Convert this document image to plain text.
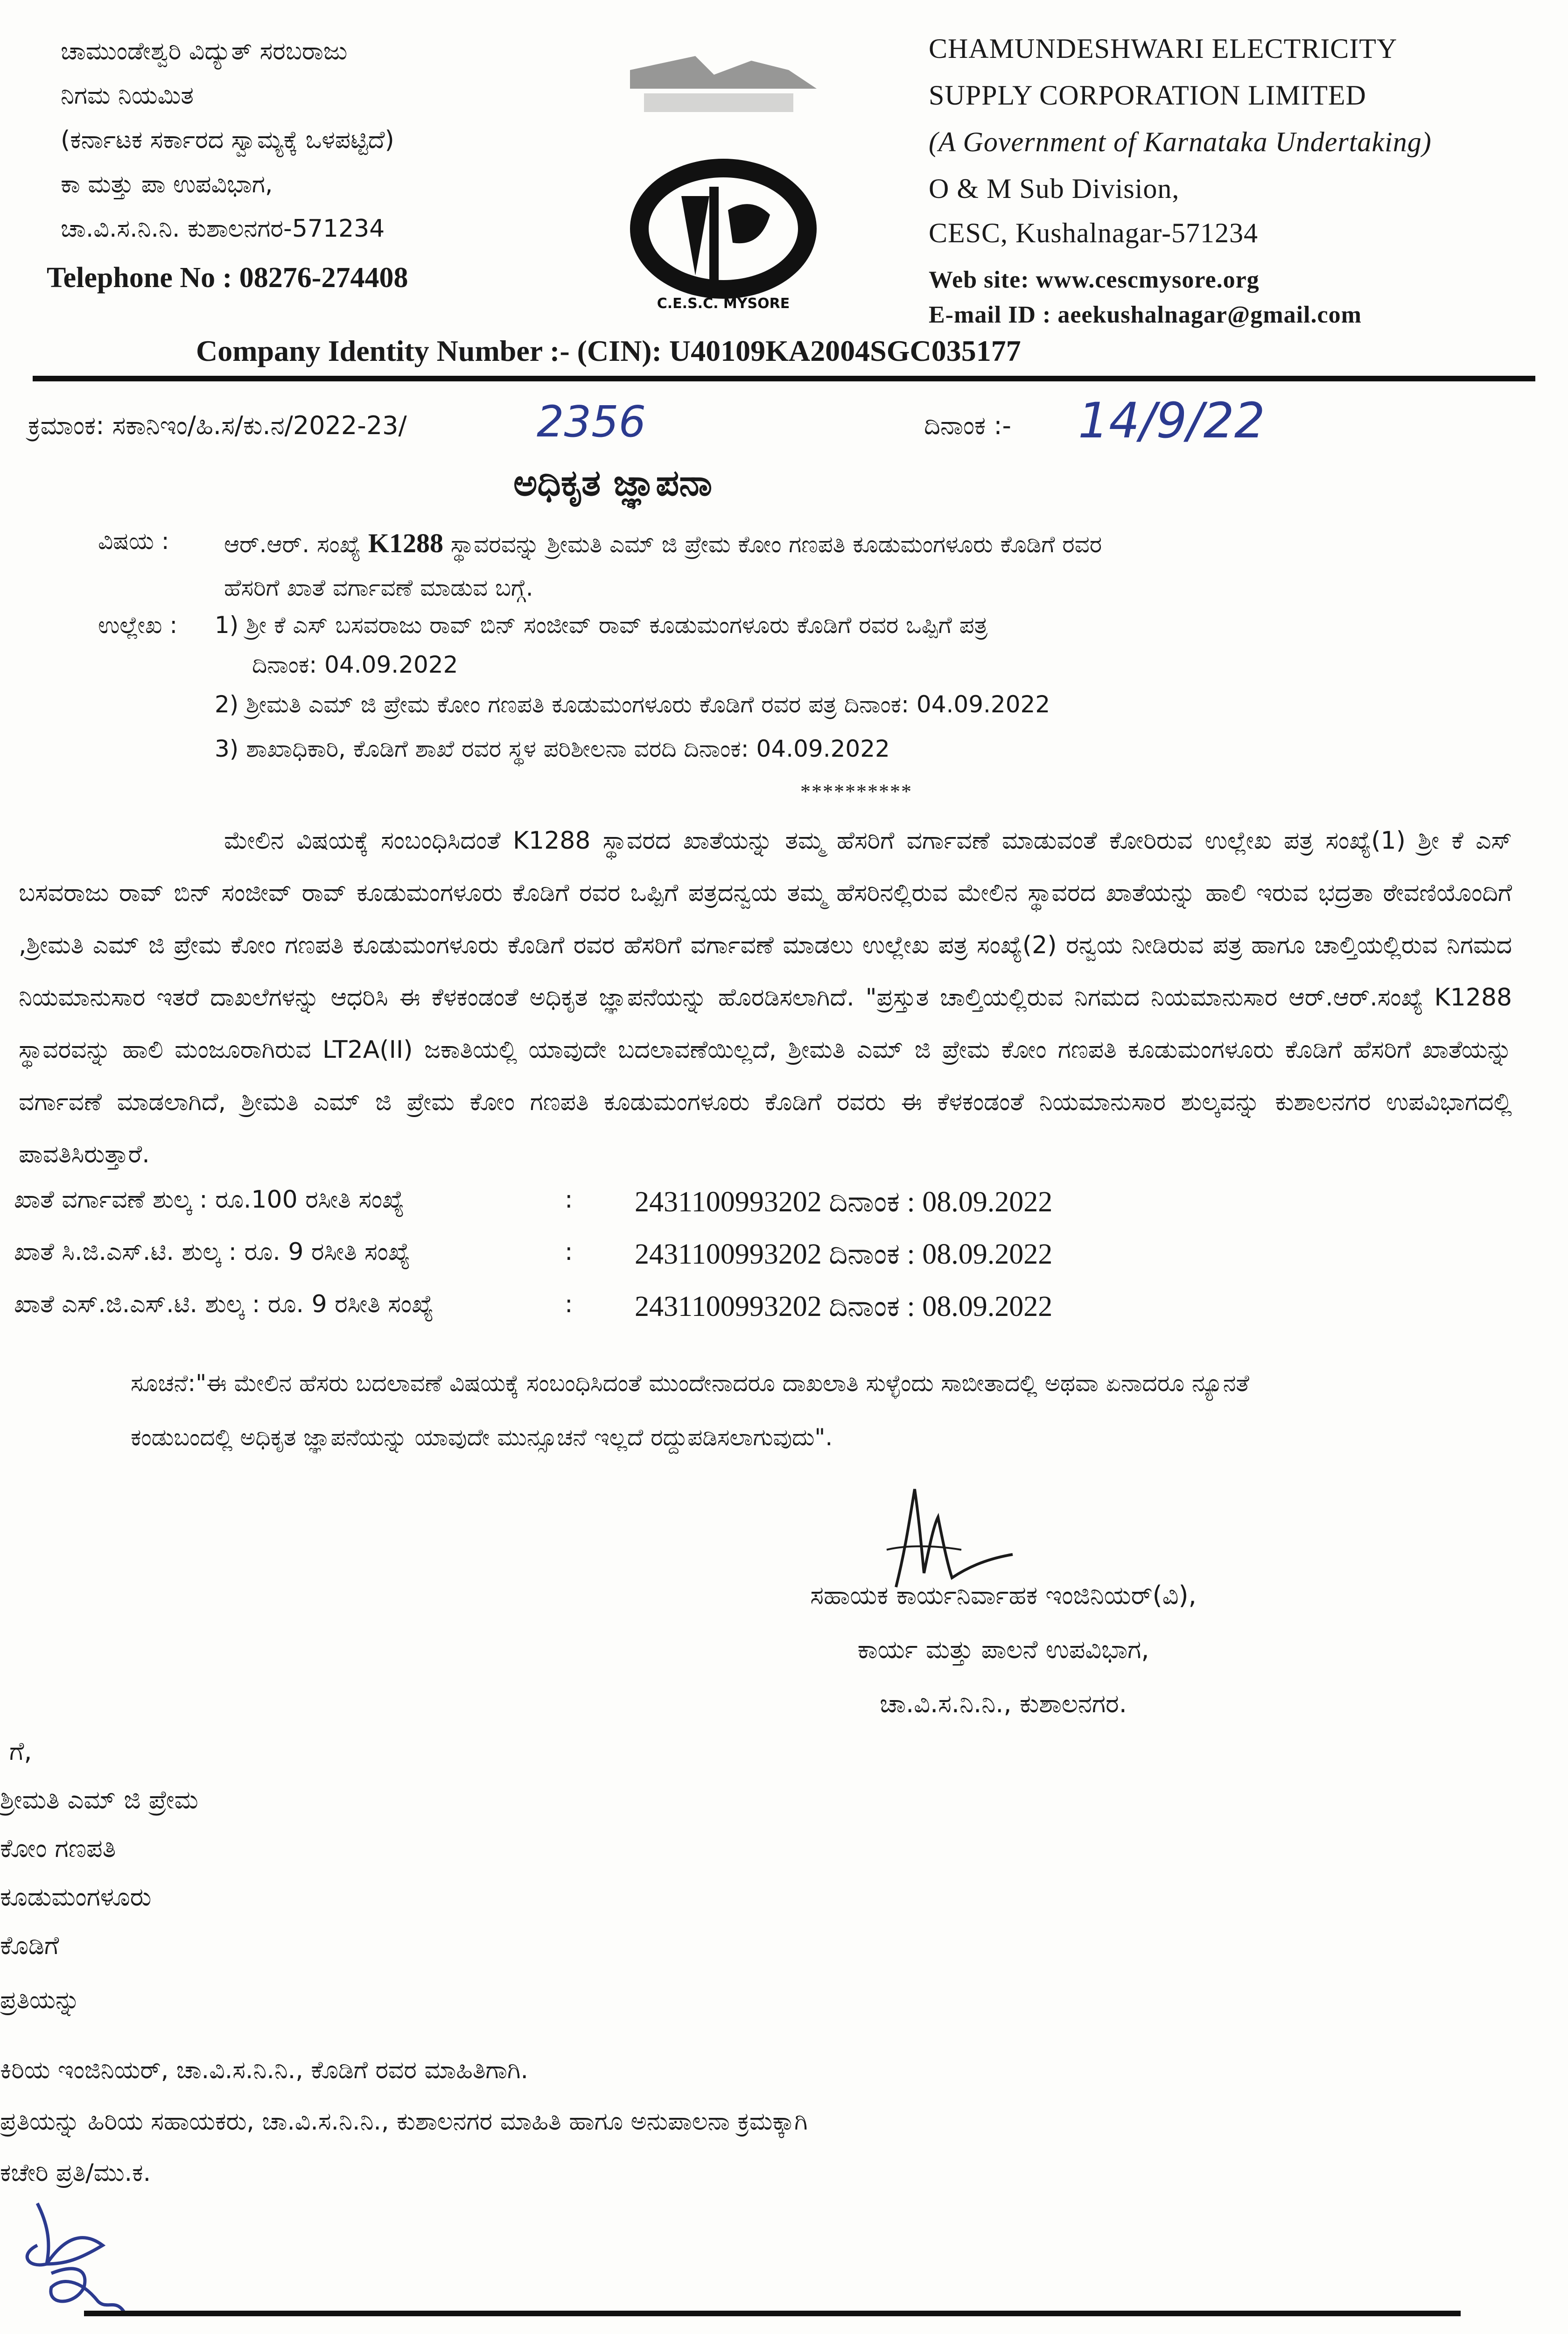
ಚಾಮುಂಡೇಶ್ವರಿ ವಿದ್ಯುತ್ ಸರಬರಾಜು
ನಿಗಮ ನಿಯಮಿತ
(ಕರ್ನಾಟಕ ಸರ್ಕಾರದ ಸ್ವಾಮ್ಯಕ್ಕೆ ಒಳಪಟ್ಟಿದೆ)
ಕಾ ಮತ್ತು ಪಾ ಉಪವಿಭಾಗ,
ಚಾ.ವಿ.ಸ.ನಿ.ನಿ. ಕುಶಾಲನಗರ-571234
Telephone No : 08276-274408
C.E.S.C. MYSORE
CHAMUNDESHWARI ELECTRICITY
SUPPLY CORPORATION LIMITED
(A Government of Karnataka Undertaking)
O & M Sub Division,
CESC, Kushalnagar-571234
Web site: www.cescmysore.org
E-mail ID : aeekushalnagar@gmail.com
Company Identity Number :- (CIN): U40109KA2004SGC035177
ಕ್ರಮಾಂಕ: ಸಕಾನಿಇಂ/ಹಿ.ಸ/ಕು.ನ/2022-23/	2356	ದಿನಾಂಕ :- 14/9/22
ಅಧಿಕೃತ ಜ್ಞಾಪನಾ
ವಿಷಯ : ಆರ್.ಆರ್. ಸಂಖ್ಯೆ K1288 ಸ್ಥಾವರವನ್ನು ಶ್ರೀಮತಿ ಎಮ್ ಜಿ ಪ್ರೇಮ ಕೋಂ ಗಣಪತಿ ಕೂಡುಮಂಗಳೂರು ಕೊಡಿಗೆ ರವರ
ಹೆಸರಿಗೆ ಖಾತೆ ವರ್ಗಾವಣೆ ಮಾಡುವ ಬಗ್ಗೆ.
ಉಲ್ಲೇಖ : 1) ಶ್ರೀ ಕೆ ಎಸ್ ಬಸವರಾಜು ರಾವ್ ಬಿನ್ ಸಂಜೀವ್ ರಾವ್ ಕೂಡುಮಂಗಳೂರು ಕೊಡಿಗೆ ರವರ ಒಪ್ಪಿಗೆ ಪತ್ರ
ದಿನಾಂಕ: 04.09.2022
2) ಶ್ರೀಮತಿ ಎಮ್ ಜಿ ಪ್ರೇಮ ಕೋಂ ಗಣಪತಿ ಕೂಡುಮಂಗಳೂರು ಕೊಡಿಗೆ ರವರ ಪತ್ರ ದಿನಾಂಕ: 04.09.2022
3) ಶಾಖಾಧಿಕಾರಿ, ಕೊಡಿಗೆ ಶಾಖೆ ರವರ ಸ್ಥಳ ಪರಿಶೀಲನಾ ವರದಿ ದಿನಾಂಕ: 04.09.2022
**********
ಮೇಲಿನ ವಿಷಯಕ್ಕೆ ಸಂಬಂಧಿಸಿದಂತೆ K1288 ಸ್ಥಾವರದ ಖಾತೆಯನ್ನು ತಮ್ಮ ಹೆಸರಿಗೆ ವರ್ಗಾವಣೆ ಮಾಡುವಂತೆ ಕೋರಿರುವ ಉಲ್ಲೇಖ ಪತ್ರ ಸಂಖ್ಯೆ(1) ಶ್ರೀ ಕೆ ಎಸ್ ಬಸವರಾಜು ರಾವ್ ಬಿನ್ ಸಂಜೀವ್ ರಾವ್ ಕೂಡುಮಂಗಳೂರು ಕೊಡಿಗೆ ರವರ ಒಪ್ಪಿಗೆ ಪತ್ರದನ್ವಯ ತಮ್ಮ ಹೆಸರಿನಲ್ಲಿರುವ ಮೇಲಿನ ಸ್ಥಾವರದ ಖಾತೆಯನ್ನು ಹಾಲಿ ಇರುವ ಭದ್ರತಾ ಠೇವಣಿಯೊಂದಿಗೆ ,ಶ್ರೀಮತಿ ಎಮ್ ಜಿ ಪ್ರೇಮ ಕೋಂ ಗಣಪತಿ ಕೂಡುಮಂಗಳೂರು ಕೊಡಿಗೆ ರವರ ಹೆಸರಿಗೆ ವರ್ಗಾವಣೆ ಮಾಡಲು ಉಲ್ಲೇಖ ಪತ್ರ ಸಂಖ್ಯೆ(2) ರನ್ವಯ ನೀಡಿರುವ ಪತ್ರ ಹಾಗೂ ಚಾಲ್ತಿಯಲ್ಲಿರುವ ನಿಗಮದ ನಿಯಮಾನುಸಾರ ಇತರೆ ದಾಖಲೆಗಳನ್ನು ಆಧರಿಸಿ ಈ ಕೆಳಕಂಡಂತೆ ಅಧಿಕೃತ ಜ್ಞಾಪನೆಯನ್ನು ಹೊರಡಿಸಲಾಗಿದೆ. "ಪ್ರಸ್ತುತ ಚಾಲ್ತಿಯಲ್ಲಿರುವ ನಿಗಮದ ನಿಯಮಾನುಸಾರ ಆರ್.ಆರ್.ಸಂಖ್ಯೆ K1288 ಸ್ಥಾವರವನ್ನು ಹಾಲಿ ಮಂಜೂರಾಗಿರುವ LT2A(II) ಜಕಾತಿಯಲ್ಲಿ ಯಾವುದೇ ಬದಲಾವಣೆಯಿಲ್ಲದೆ, ಶ್ರೀಮತಿ ಎಮ್ ಜಿ ಪ್ರೇಮ ಕೋಂ ಗಣಪತಿ ಕೂಡುಮಂಗಳೂರು ಕೊಡಿಗೆ ಹೆಸರಿಗೆ ಖಾತೆಯನ್ನು ವರ್ಗಾವಣೆ ಮಾಡಲಾಗಿದೆ, ಶ್ರೀಮತಿ ಎಮ್ ಜಿ ಪ್ರೇಮ ಕೋಂ ಗಣಪತಿ ಕೂಡುಮಂಗಳೂರು ಕೊಡಿಗೆ ರವರು ಈ ಕೆಳಕಂಡಂತೆ ನಿಯಮಾನುಸಾರ ಶುಲ್ಕವನ್ನು ಕುಶಾಲನಗರ ಉಪವಿಭಾಗದಲ್ಲಿ ಪಾವತಿಸಿರುತ್ತಾರೆ.
ಖಾತೆ ವರ್ಗಾವಣೆ ಶುಲ್ಕ : ರೂ.100 ರಸೀತಿ ಸಂಖ್ಯೆ	: 2431100993202 ದಿನಾಂಕ : 08.09.2022
ಖಾತೆ ಸಿ.ಜಿ.ಎಸ್.ಟಿ. ಶುಲ್ಕ : ರೂ. 9 ರಸೀತಿ ಸಂಖ್ಯೆ	: 2431100993202 ದಿನಾಂಕ : 08.09.2022
ಖಾತೆ ಎಸ್.ಜಿ.ಎಸ್.ಟಿ. ಶುಲ್ಕ : ರೂ. 9 ರಸೀತಿ ಸಂಖ್ಯೆ	: 2431100993202 ದಿನಾಂಕ : 08.09.2022
ಸೂಚನೆ:"ಈ ಮೇಲಿನ ಹೆಸರು ಬದಲಾವಣೆ ವಿಷಯಕ್ಕೆ ಸಂಬಂಧಿಸಿದಂತೆ ಮುಂದೇನಾದರೂ ದಾಖಲಾತಿ ಸುಳ್ಳೆಂದು ಸಾಬೀತಾದಲ್ಲಿ ಅಥವಾ ಏನಾದರೂ ನ್ಯೂನತೆ ಕಂಡುಬಂದಲ್ಲಿ ಅಧಿಕೃತ ಜ್ಞಾಪನೆಯನ್ನು ಯಾವುದೇ ಮುನ್ಸೂಚನೆ ಇಲ್ಲದೆ ರದ್ದುಪಡಿಸಲಾಗುವುದು".
ಸಹಾಯಕ ಕಾರ್ಯನಿರ್ವಾಹಕ ಇಂಜಿನಿಯರ್(ವಿ),
ಕಾರ್ಯ ಮತ್ತು ಪಾಲನೆ ಉಪವಿಭಾಗ,
ಚಾ.ವಿ.ಸ.ನಿ.ನಿ., ಕುಶಾಲನಗರ.
ಗೆ,
ಶ್ರೀಮತಿ ಎಮ್ ಜಿ ಪ್ರೇಮ
ಕೋಂ ಗಣಪತಿ
ಕೂಡುಮಂಗಳೂರು
ಕೊಡಿಗೆ
ಪ್ರತಿಯನ್ನು
ಕಿರಿಯ ಇಂಜಿನಿಯರ್, ಚಾ.ವಿ.ಸ.ನಿ.ನಿ., ಕೊಡಿಗೆ ರವರ ಮಾಹಿತಿಗಾಗಿ.
ಪ್ರತಿಯನ್ನು ಹಿರಿಯ ಸಹಾಯಕರು, ಚಾ.ವಿ.ಸ.ನಿ.ನಿ., ಕುಶಾಲನಗರ ಮಾಹಿತಿ ಹಾಗೂ ಅನುಪಾಲನಾ ಕ್ರಮಕ್ಕಾಗಿ
ಕಚೇರಿ ಪ್ರತಿ/ಮು.ಕ.
